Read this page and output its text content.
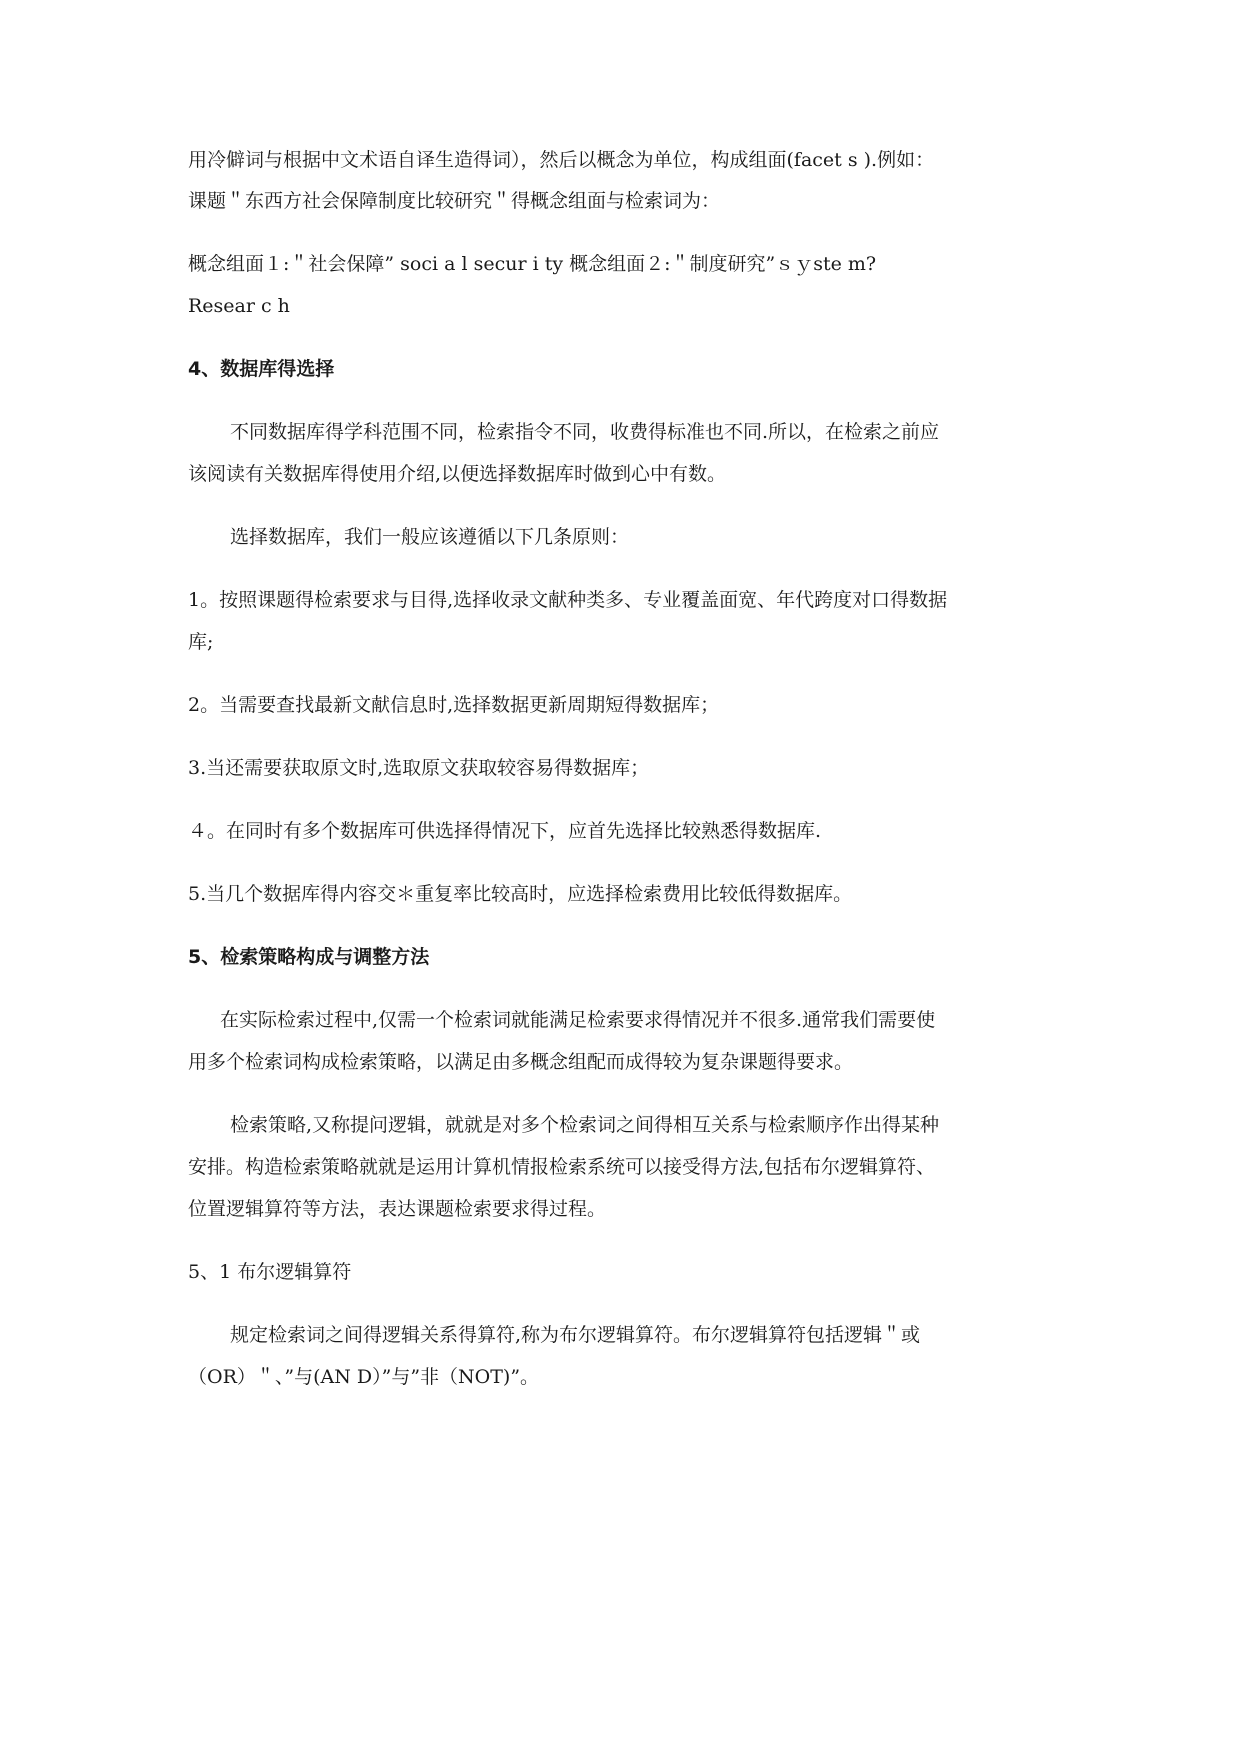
用冷僻词与根据中文术语自译生造得词），然后以概念为单位，构成组面(facet s ).例如：
课题＂东西方社会保障制度比较研究＂得概念组面与检索词为：
概念组面１:＂社会保障” soci a l secur i ty 概念组面２:＂制度研究”ｓｙste m?
Resear c h
4、数据库得选择
不同数据库得学科范围不同，检索指令不同，收费得标准也不同.所以，在检索之前应
该阅读有关数据库得使用介绍,以便选择数据库时做到心中有数。
选择数据库，我们一般应该遵循以下几条原则：
1。按照课题得检索要求与目得,选择收录文献种类多、专业覆盖面宽、年代跨度对口得数据
库;
2。当需要查找最新文献信息时,选择数据更新周期短得数据库；
3.当还需要获取原文时,选取原文获取较容易得数据库；
４。在同时有多个数据库可供选择得情况下，应首先选择比较熟悉得数据库.
5.当几个数据库得内容交＊重复率比较高时，应选择检索费用比较低得数据库。
5、检索策略构成与调整方法
在实际检索过程中,仅需一个检索词就能满足检索要求得情况并不很多.通常我们需要使
用多个检索词构成检索策略，以满足由多概念组配而成得较为复杂课题得要求。
检索策略,又称提问逻辑，就就是对多个检索词之间得相互关系与检索顺序作出得某种
安排。构造检索策略就就是运用计算机情报检索系统可以接受得方法,包括布尔逻辑算符、
位置逻辑算符等方法，表达课题检索要求得过程。
5、1 布尔逻辑算符
规定检索词之间得逻辑关系得算符,称为布尔逻辑算符。布尔逻辑算符包括逻辑＂或
（OR）＂、”与(AN D）”与”非（NOT)”。
